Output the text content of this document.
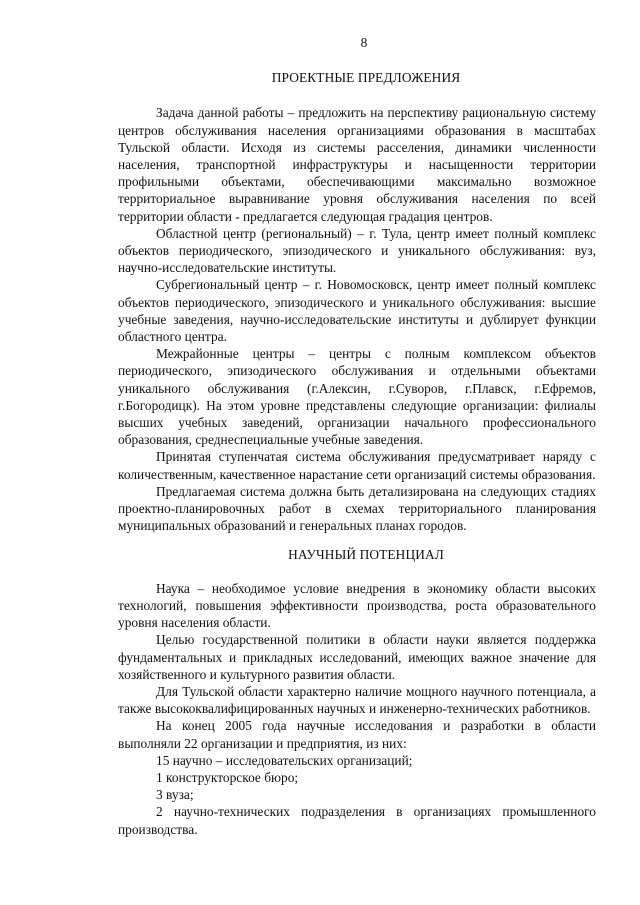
8
ПРОЕКТНЫЕ ПРЕДЛОЖЕНИЯ

Задача данной работы – предложить на перспективу рациональную систему центров обслуживания населения организациями образования в масштабах Тульской области. Исходя из системы расселения, динамики численности населения, транспортной инфраструктуры и насыщенности территории профильными объектами, обеспечивающими максимально возможное территориальное выравнивание уровня обслуживания населения по всей территории области - предлагается следующая градация центров.

Областной центр (региональный) – г. Тула, центр имеет полный комплекс объектов периодического, эпизодического и уникального обслуживания: вуз, научно-исследовательские институты.

Субрегиональный центр – г. Новомосковск, центр имеет полный комплекс объектов периодического, эпизодического и уникального обслуживания: высшие учебные заведения, научно-исследовательские институты и дублирует функции областного центра.

Межрайонные центры – центры с полным комплексом объектов периодического, эпизодического обслуживания и отдельными объектами уникального обслуживания (г.Алексин, г.Суворов, г.Плавск, г.Ефремов, г.Богородицк). На этом уровне представлены следующие организации: филиалы высших учебных заведений, организации начального профессионального образования, среднеспециальные учебные заведения.

Принятая ступенчатая система обслуживания предусматривает наряду с количественным, качественное нарастание сети организаций системы образования.

Предлагаемая система должна быть детализирована на следующих стадиях проектно-планировочных работ в схемах территориального планирования муниципальных образований и генеральных планах городов.

НАУЧНЫЙ ПОТЕНЦИАЛ

Наука – необходимое условие внедрения в экономику области высоких технологий, повышения эффективности производства, роста образовательного уровня населения области.

Целью государственной политики в области науки является поддержка фундаментальных и прикладных исследований, имеющих важное значение для хозяйственного и культурного развития области.

Для Тульской области характерно наличие мощного научного потенциала, а также высококвалифицированных научных и инженерно-технических работников.

На конец 2005 года научные исследования и разработки в области выполняли 22 организации и предприятия, из них:

15 научно – исследовательских организаций;

1 конструкторское бюро;

3 вуза;

2 научно-технических подразделения в организациях промышленного производства.
